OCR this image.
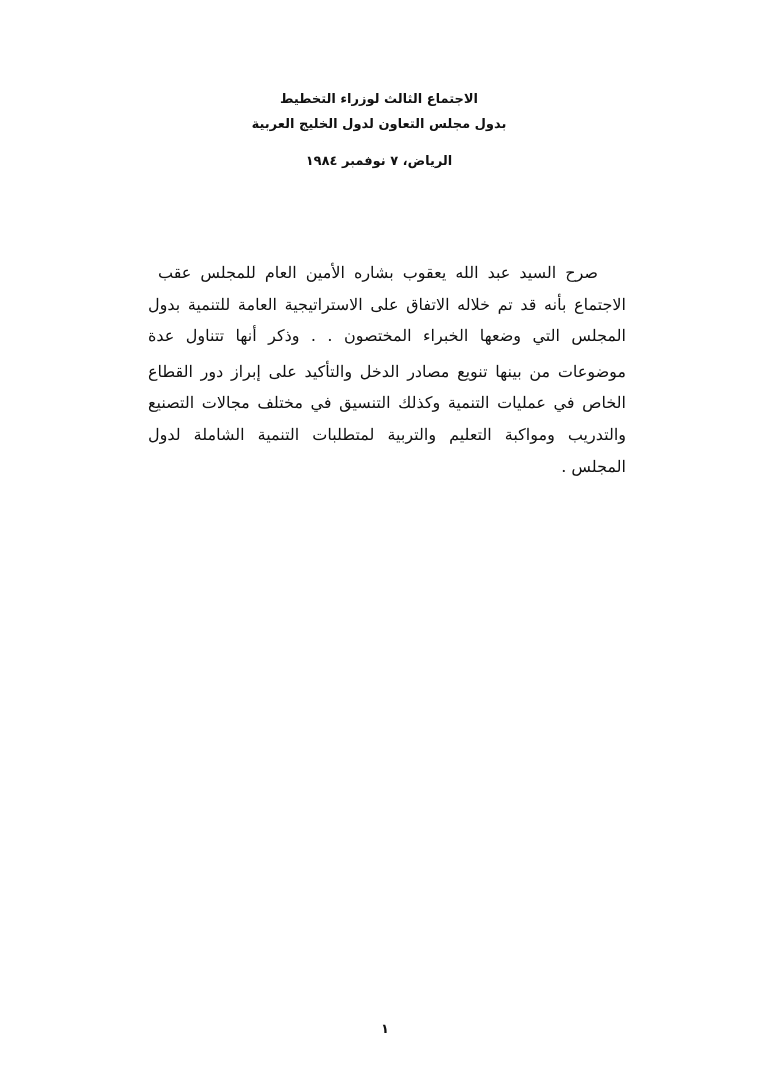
الاجتماع الثالث لوزراء التخطيط
بدول مجلس التعاون لدول الخليج العربية
الرياض، ٧ نوفمبر ١٩٨٤
صرح السيد عبد الله يعقوب بشاره الأمين العام للمجلس عقب
الاجتماع بأنه قد تم خلاله الاتفاق على الاستراتيجية العامة للتنمية بدول
المجلس التي وضعها الخبراء المختصون . . وذكر أنها تتناول عدة
موضوعات من بينها تنويع مصادر الدخل والتأكيد على إبراز دور القطاع
الخاص في عمليات التنمية وكذلك التنسيق في مختلف مجالات التصنيع
والتدريب ومواكبة التعليم والتربية لمتطلبات التنمية الشاملة لدول
المجلس .
١
